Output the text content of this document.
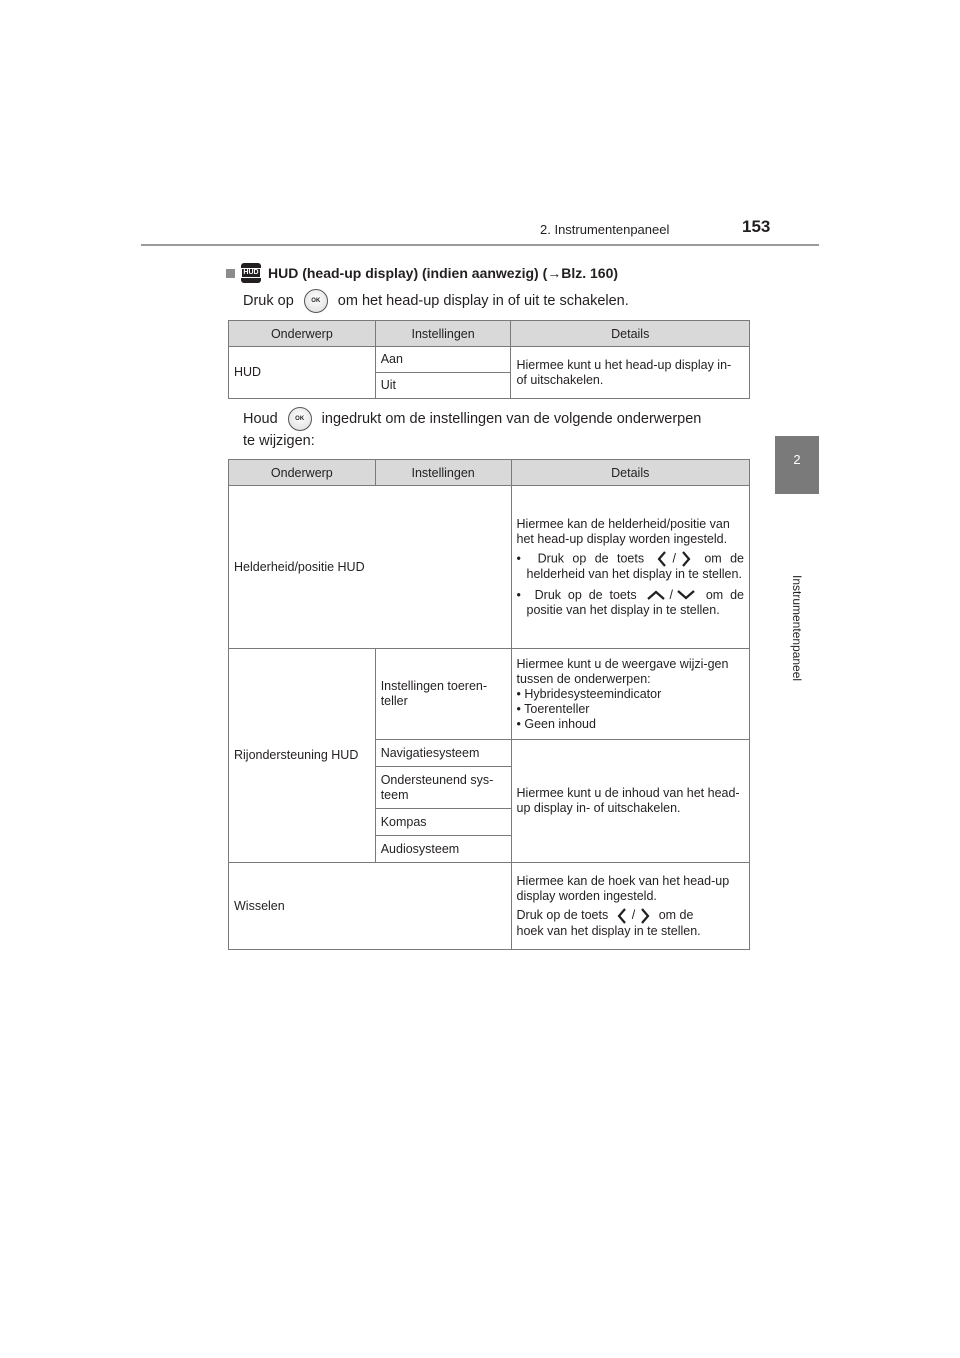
2. Instrumentenpaneel	153
2
Instrumentenpaneel
HUD HUD (head-up display) (indien aanwezig) (→Blz. 160)
Druk op	OK om het head-up display in of uit te schakelen.
Onderwerp	Instellingen	Details
HUD	Aan	Hiermee kunt u het head-up display in- of uitschakelen.
	Uit	
Houd	OK ingedrukt om de instellingen van de volgende onderwerpen
te wijzigen:
Onderwerp	Instellingen	Details
Helderheid/positie HUD		Hiermee kan de helderheid/positie van het head-up display worden ingesteld.

•  Druk op de toets / om de helderheid van het display in te stellen.
•  Druk op de toets / om de positie van het display in te stellen.

Rijondersteuning HUD	Instellingen toeren-teller	Hiermee kunt u de weergave wijzi-gen tussen de onderwerpen:

• Hybridesysteemindicator
• Toerenteller
• Geen inhoud

	Navigatiesysteem	Hiermee kunt u de inhoud van het head-up display in- of uitschakelen.
	Ondersteunend sys-teem	
	Kompas	
	Audiosysteem	
Wisselen		Hiermee kan de hoek van het head-up display worden ingesteld.

Druk op de toets / om de
hoek van het display in te stellen.
